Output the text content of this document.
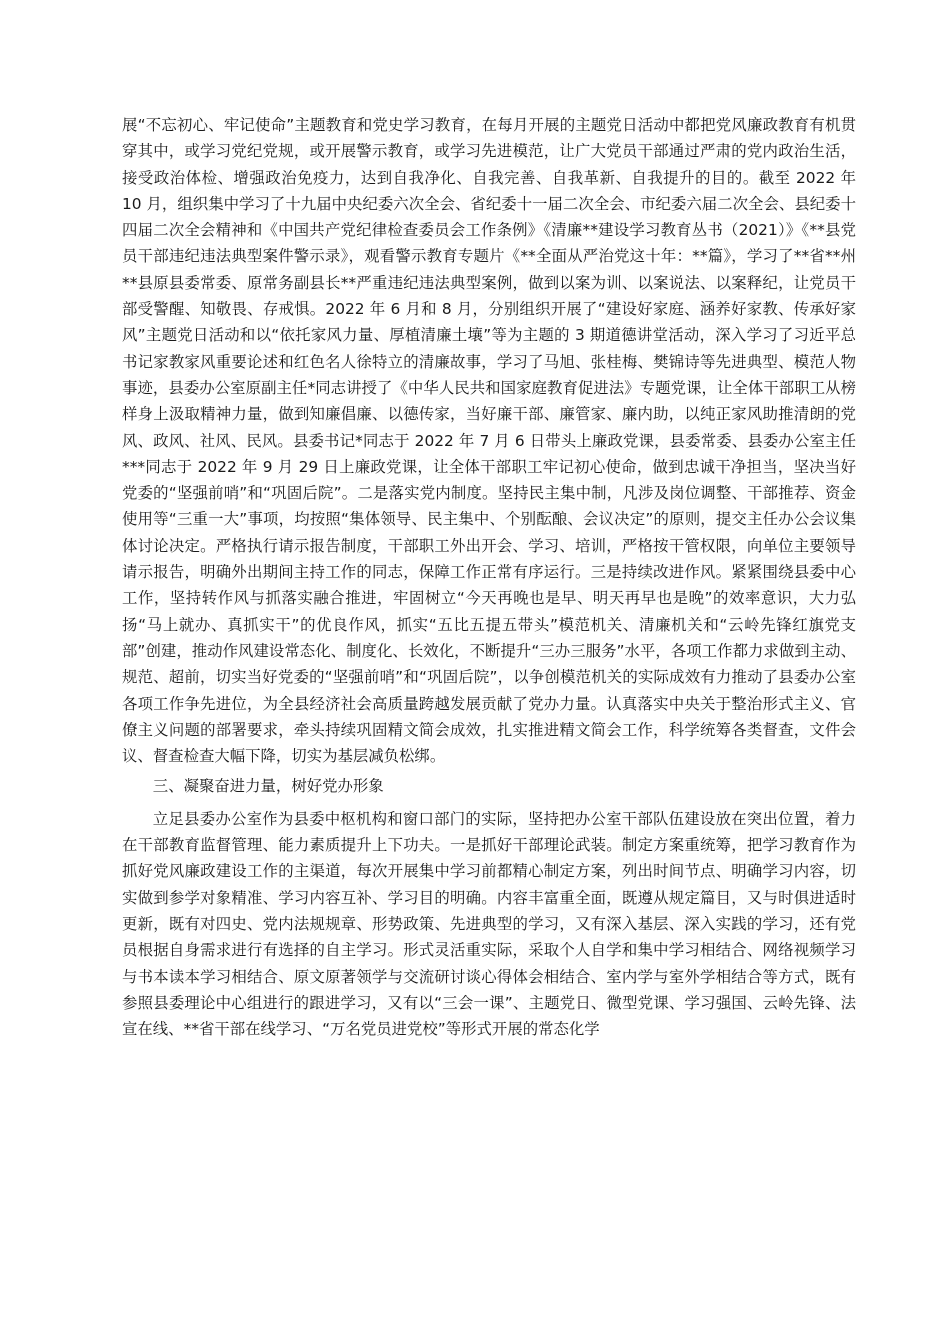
展“不忘初心、牢记使命”主题教育和党史学习教育，在每月开展的主题党日活动中都把党风廉政教育有机贯穿其中，或学习党纪党规，或开展警示教育，或学习先进模范，让广大党员干部通过严肃的党内政治生活，接受政治体检、增强政治免疫力，达到自我净化、自我完善、自我革新、自我提升的目的。截至 2022 年 10 月，组织集中学习了十九届中央纪委六次全会、省纪委十一届二次全会、市纪委六届二次全会、县纪委十四届二次全会精神和《中国共产党纪律检查委员会工作条例》《清廉**建设学习教育丛书（2021）》《**县党员干部违纪违法典型案件警示录》，观看警示教育专题片《**全面从严治党这十年：**篇》，学习了**省**州**县原县委常委、原常务副县长**严重违纪违法典型案例，做到以案为训、以案说法、以案释纪，让党员干部受警醒、知敬畏、存戒惧。2022 年 6 月和 8 月，分别组织开展了“建设好家庭、涵养好家教、传承好家风”主题党日活动和以“依托家风力量、厚植清廉土壤”等为主题的 3 期道德讲堂活动，深入学习了习近平总书记家教家风重要论述和红色名人徐特立的清廉故事，学习了马旭、张桂梅、樊锦诗等先进典型、模范人物事迹，县委办公室原副主任*同志讲授了《中华人民共和国家庭教育促进法》专题党课，让全体干部职工从榜样身上汲取精神力量，做到知廉倡廉、以德传家，当好廉干部、廉管家、廉内助，以纯正家风助推清朗的党风、政风、社风、民风。县委书记*同志于 2022 年 7 月 6 日带头上廉政党课，县委常委、县委办公室主任***同志于 2022 年 9 月 29 日上廉政党课，让全体干部职工牢记初心使命，做到忠诚干净担当，坚决当好党委的“坚强前哨”和“巩固后院”。二是落实党内制度。坚持民主集中制，凡涉及岗位调整、干部推荐、资金使用等“三重一大”事项，均按照“集体领导、民主集中、个别酝酿、会议决定”的原则，提交主任办公会议集体讨论决定。严格执行请示报告制度，干部职工外出开会、学习、培训，严格按干管权限，向单位主要领导请示报告，明确外出期间主持工作的同志，保障工作正常有序运行。三是持续改进作风。紧紧围绕县委中心工作，坚持转作风与抓落实融合推进，牢固树立“今天再晚也是早、明天再早也是晚”的效率意识，大力弘扬“马上就办、真抓实干”的优良作风，抓实“五比五提五带头”模范机关、清廉机关和“云岭先锋红旗党支部”创建，推动作风建设常态化、制度化、长效化，不断提升“三办三服务”水平，各项工作都力求做到主动、规范、超前，切实当好党委的“坚强前哨”和“巩固后院”，以争创模范机关的实际成效有力推动了县委办公室各项工作争先进位，为全县经济社会高质量跨越发展贡献了党办力量。认真落实中央关于整治形式主义、官僚主义问题的部署要求，牵头持续巩固精文简会成效，扎实推进精文简会工作，科学统筹各类督查，文件会议、督查检查大幅下降，切实为基层减负松绑。

三、凝聚奋进力量，树好党办形象

立足县委办公室作为县委中枢机构和窗口部门的实际，坚持把办公室干部队伍建设放在突出位置，着力在干部教育监督管理、能力素质提升上下功夫。一是抓好干部理论武装。制定方案重统筹，把学习教育作为抓好党风廉政建设工作的主渠道，每次开展集中学习前都精心制定方案，列出时间节点、明确学习内容，切实做到参学对象精准、学习内容互补、学习目的明确。内容丰富重全面，既遵从规定篇目，又与时俱进适时更新，既有对四史、党内法规规章、形势政策、先进典型的学习，又有深入基层、深入实践的学习，还有党员根据自身需求进行有选择的自主学习。形式灵活重实际，采取个人自学和集中学习相结合、网络视频学习与书本读本学习相结合、原文原著领学与交流研讨谈心得体会相结合、室内学与室外学相结合等方式，既有参照县委理论中心组进行的跟进学习，又有以“三会一课”、主题党日、微型党课、学习强国、云岭先锋、法宣在线、**省干部在线学习、“万名党员进党校”等形式开展的常态化学
